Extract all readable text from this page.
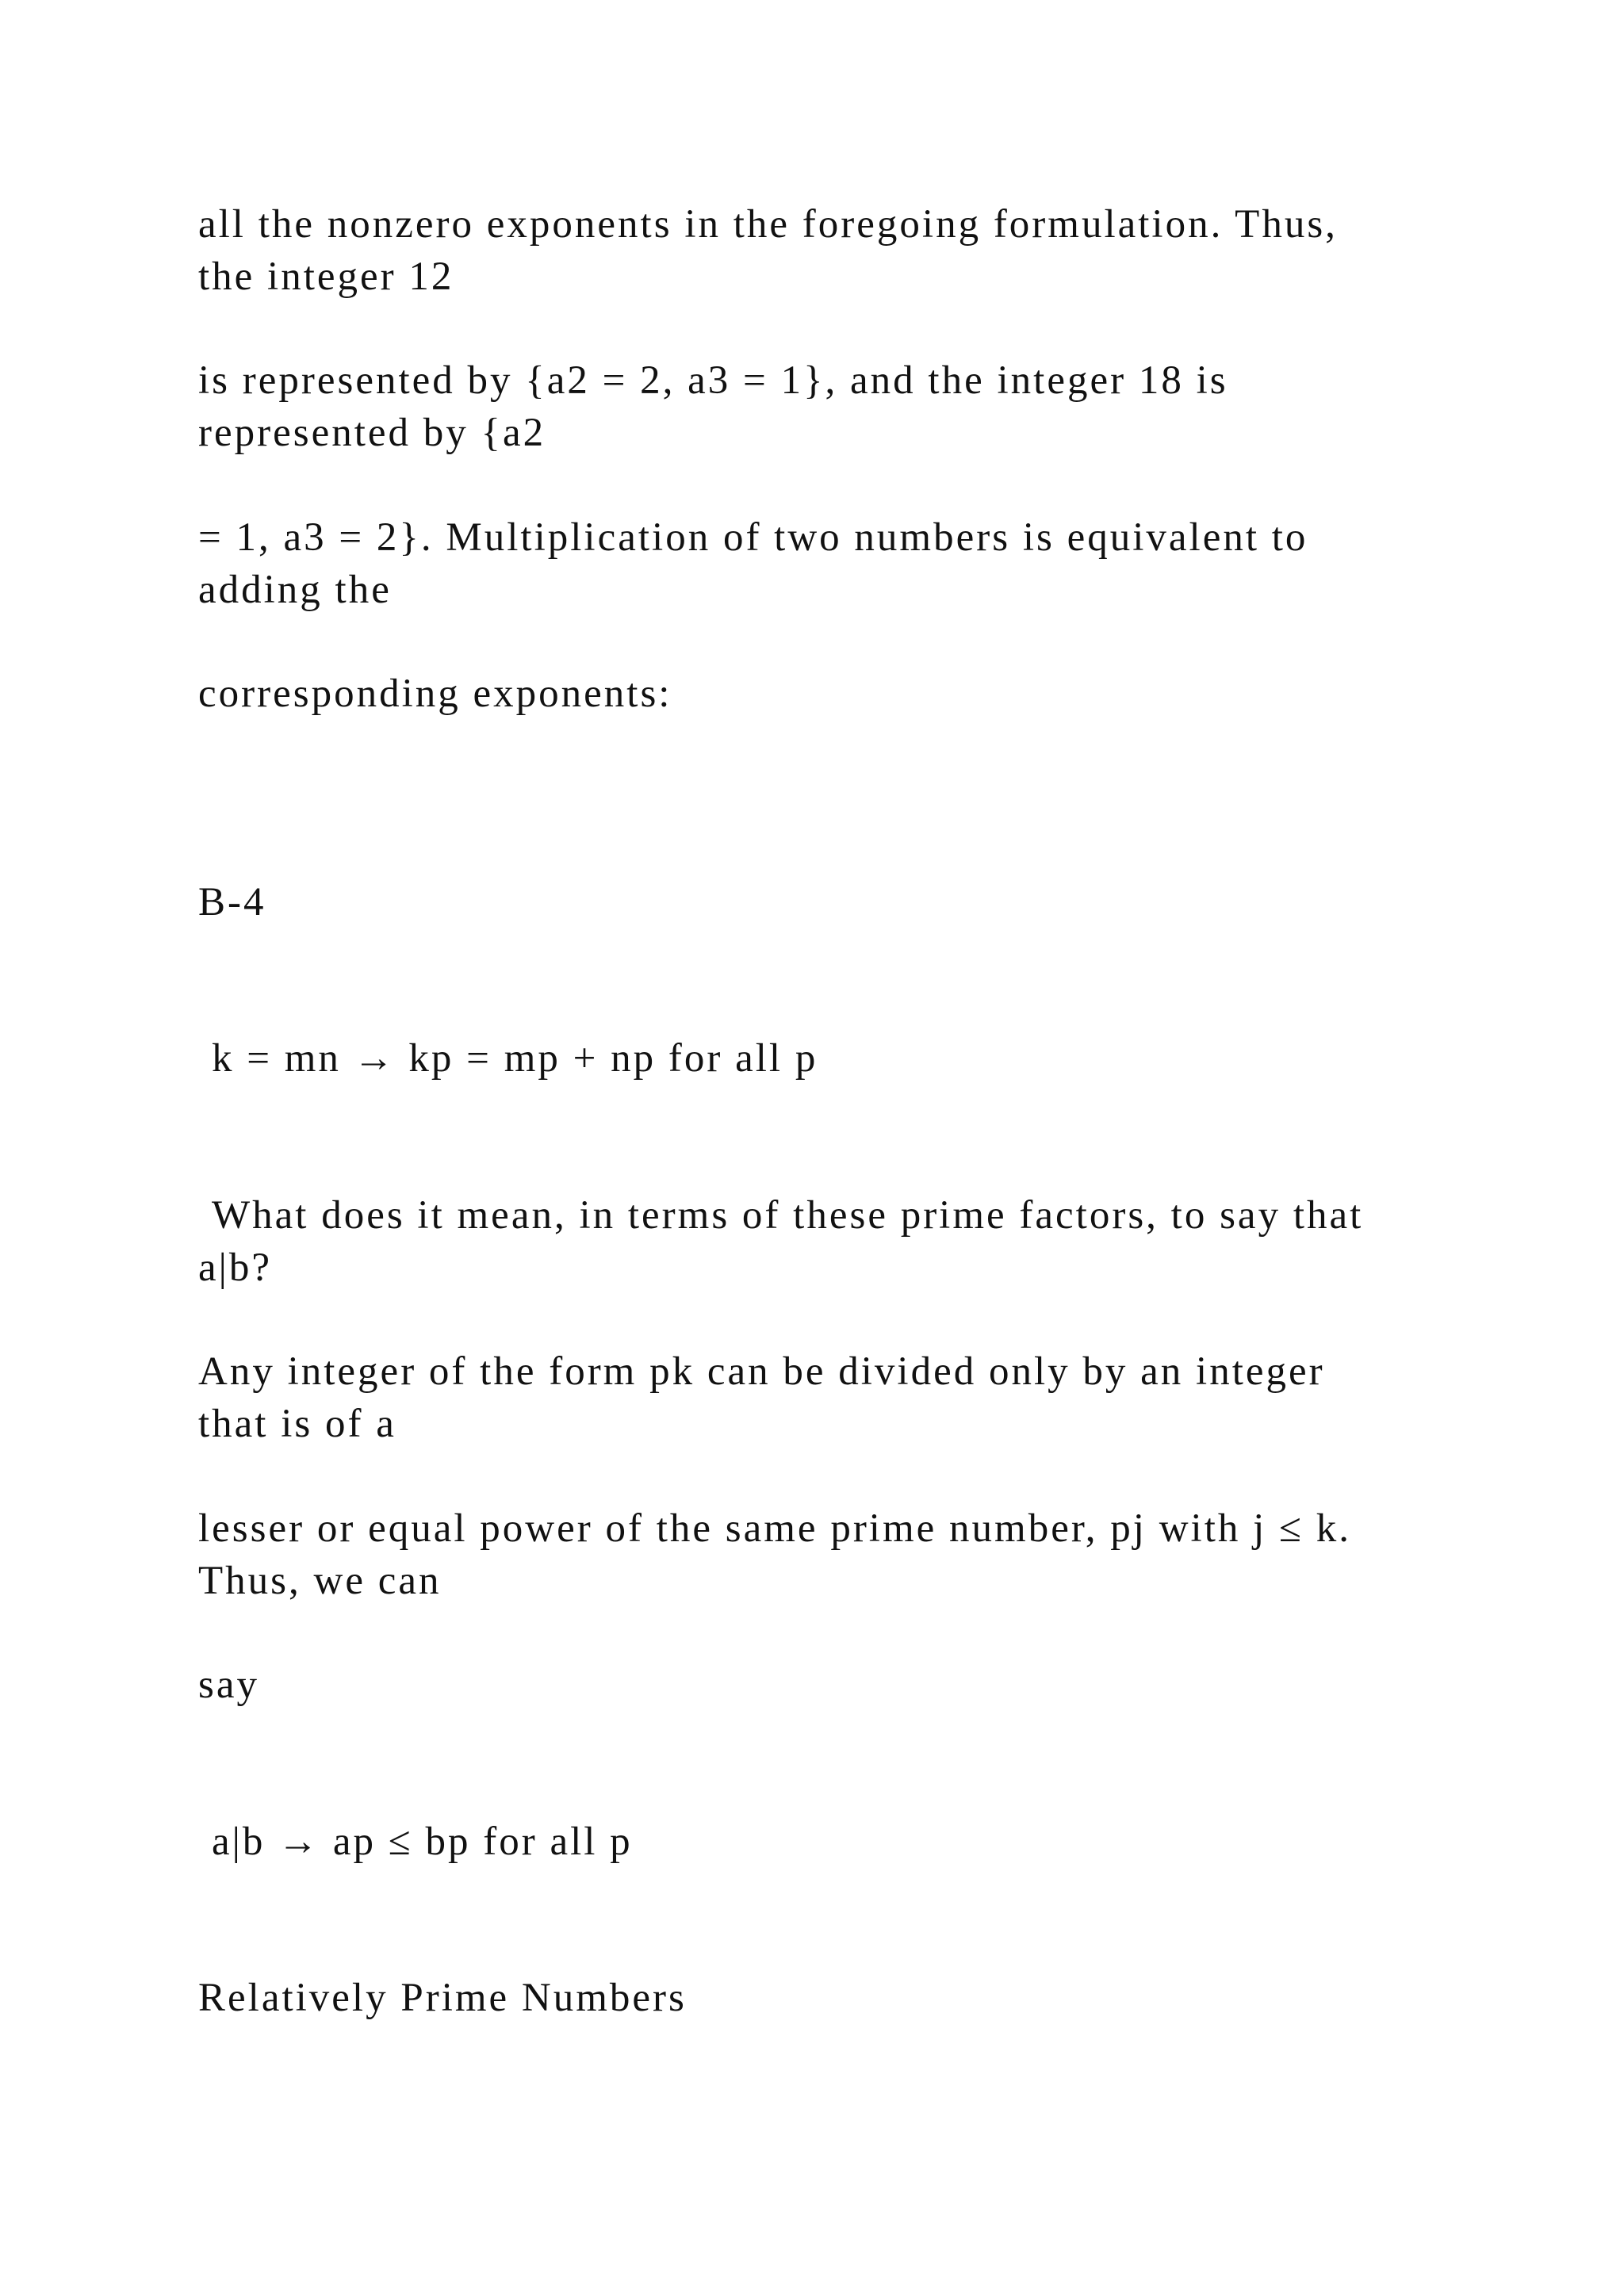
all the nonzero exponents in the foregoing formulation. Thus,

the integer 12

is represented by {a2 = 2, a3 = 1}, and the integer 18 is

represented by {a2

= 1, a3 = 2}. Multiplication of two numbers is equivalent to

adding the

corresponding exponents:

B-4

k = mn → kp = mp + np for all p

What does it mean, in terms of these prime factors, to say that

a|b?

Any integer of the form pk can be divided only by an integer

that is of a

lesser or equal power of the same prime number, pj with j ≤ k.

Thus, we can

say

a|b → ap ≤ bp for all p

Relatively Prime Numbers
